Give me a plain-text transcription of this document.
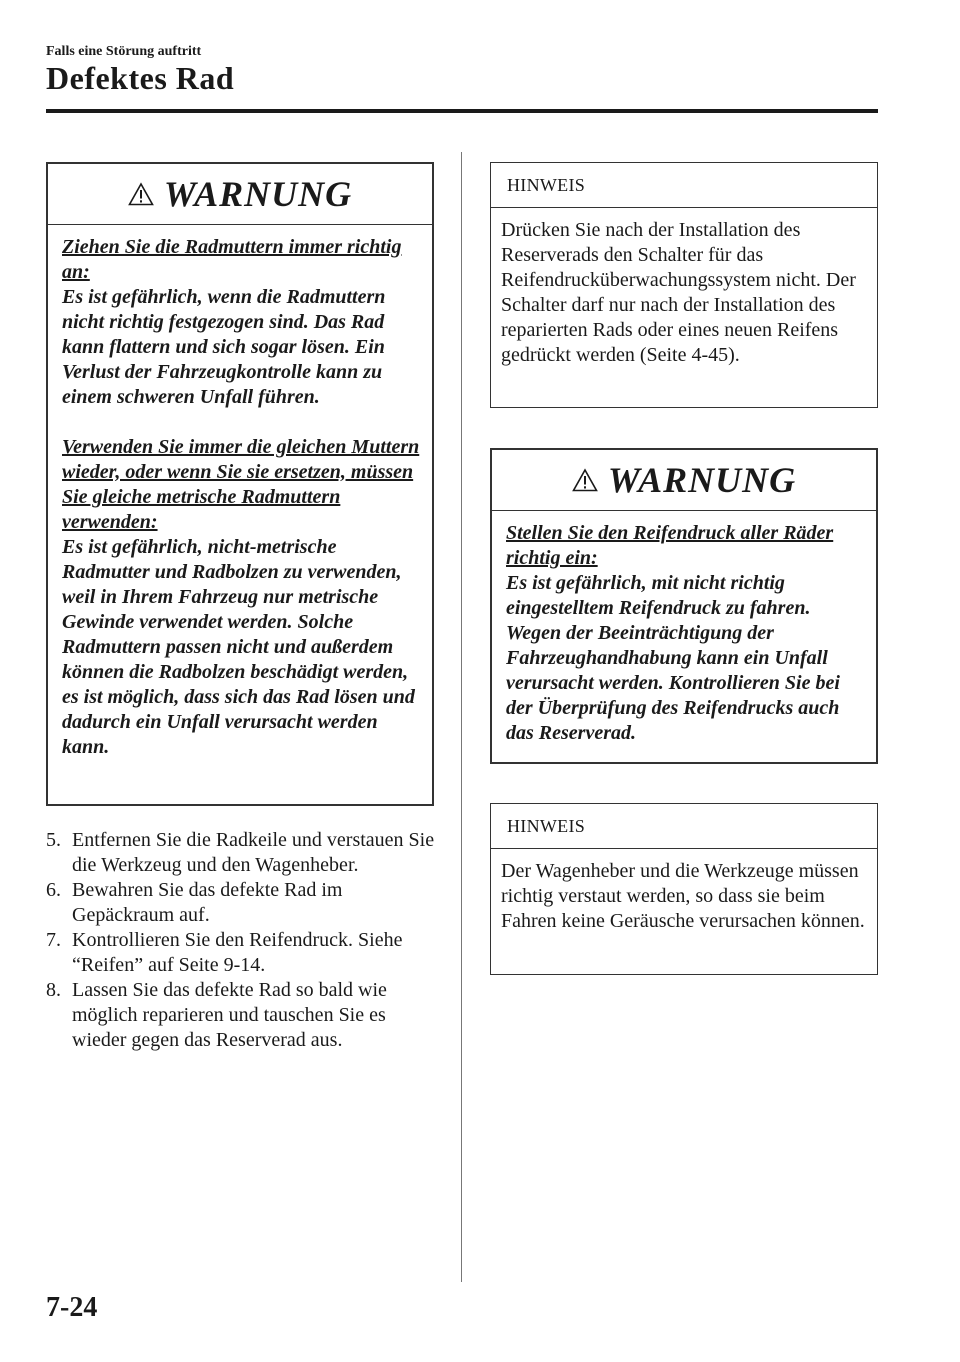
Falls eine Störung auftritt
Defektes Rad
WARNUNG

Ziehen Sie die Radmuttern immer richtig an:

Es ist gefährlich, wenn die Radmuttern nicht richtig festgezogen sind. Das Rad kann flattern und sich sogar lösen. Ein Verlust der Fahrzeugkontrolle kann zu einem schweren Unfall führen.

Verwenden Sie immer die gleichen Muttern wieder, oder wenn Sie sie ersetzen, müssen Sie gleiche metrische Radmuttern verwenden:

Es ist gefährlich, nicht-metrische Radmutter und Radbolzen zu verwenden, weil in Ihrem Fahrzeug nur metrische Gewinde verwendet werden. Solche Radmuttern passen nicht und außerdem können die Radbolzen beschädigt werden, es ist möglich, dass sich das Rad lösen und dadurch ein Unfall verursacht werden kann.

5. Entfernen Sie die Radkeile und verstauen Sie die Werkzeug und den Wagenheber.
6. Bewahren Sie das defekte Rad im Gepäckraum auf.
7. Kontrollieren Sie den Reifendruck. Siehe “Reifen” auf Seite 9-14.
8. Lassen Sie das defekte Rad so bald wie möglich reparieren und tauschen Sie es wieder gegen das Reserverad aus.
HINWEIS
Drücken Sie nach der Installation des Reserverads den Schalter für das Reifendrucküberwachungssystem nicht. Der Schalter darf nur nach der Installation des reparierten Rads oder eines neuen Reifens gedrückt werden (Seite 4-45).
WARNUNG

Stellen Sie den Reifendruck aller Räder richtig ein:

Es ist gefährlich, mit nicht richtig eingestelltem Reifendruck zu fahren. Wegen der Beeinträchtigung der Fahrzeughandhabung kann ein Unfall verursacht werden. Kontrollieren Sie bei der Überprüfung des Reifendrucks auch das Reserverad.

HINWEIS
Der Wagenheber und die Werkzeuge müssen richtig verstaut werden, so dass sie beim Fahren keine Geräusche verursachen können.
7-24
